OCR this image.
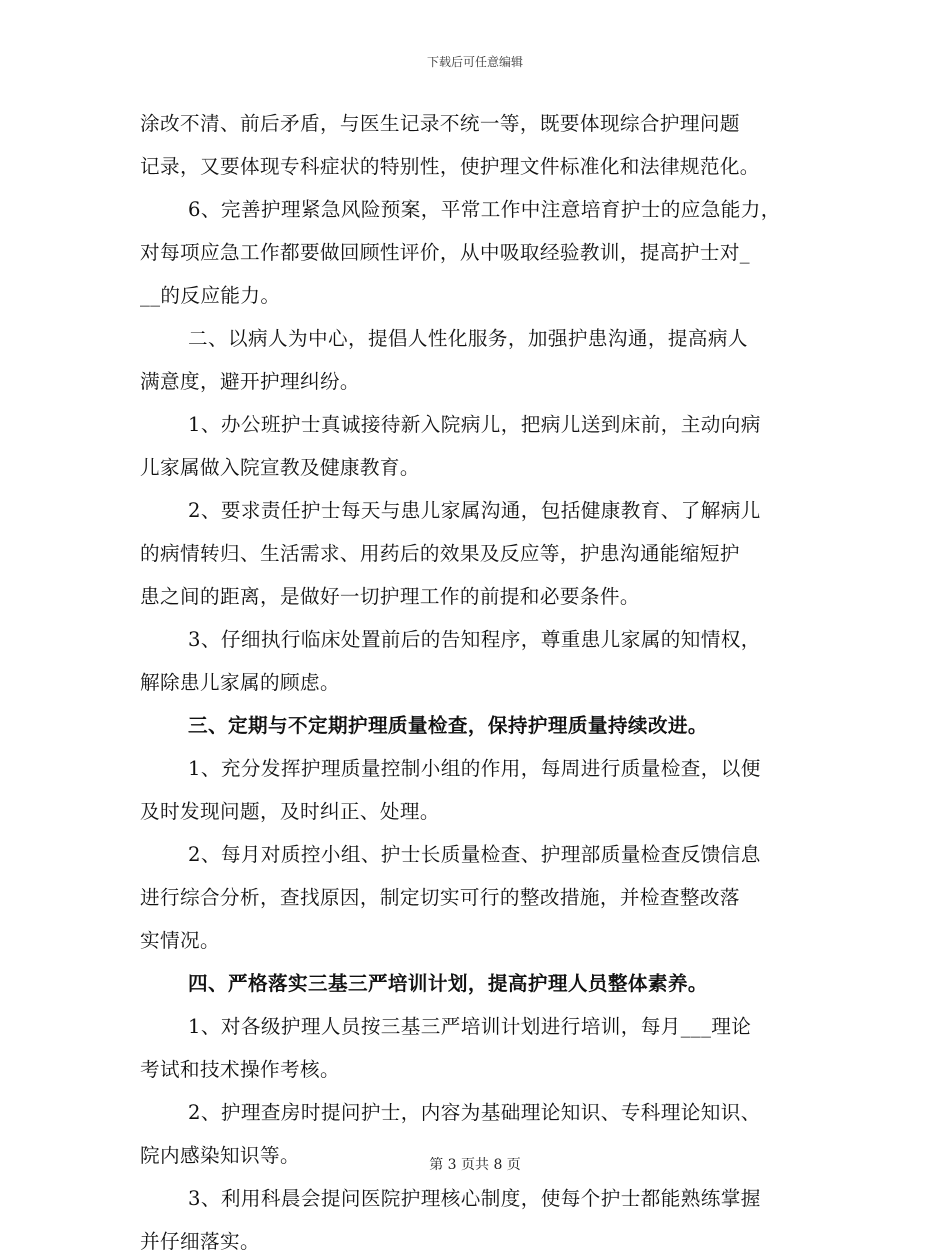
下载后可任意编辑
涂改不清、前后矛盾，与医生记录不统一等，既要体现综合护理问题
记录，又要体现专科症状的特别性，使护理文件标准化和法律规范化。
6、完善护理紧急风险预案，平常工作中注意培育护士的应急能力，
对每项应急工作都要做回顾性评价，从中吸取经验教训，提高护士对_
__的反应能力。
二、以病人为中心，提倡人性化服务，加强护患沟通，提高病人
满意度，避开护理纠纷。
1、办公班护士真诚接待新入院病儿，把病儿送到床前，主动向病
儿家属做入院宣教及健康教育。
2、要求责任护士每天与患儿家属沟通，包括健康教育、了解病儿
的病情转归、生活需求、用药后的效果及反应等，护患沟通能缩短护
患之间的距离，是做好一切护理工作的前提和必要条件。
3、仔细执行临床处置前后的告知程序，尊重患儿家属的知情权，
解除患儿家属的顾虑。
三、定期与不定期护理质量检查，保持护理质量持续改进。
1、充分发挥护理质量控制小组的作用，每周进行质量检查，以便
及时发现问题，及时纠正、处理。
2、每月对质控小组、护士长质量检查、护理部质量检查反馈信息
进行综合分析，查找原因，制定切实可行的整改措施，并检查整改落
实情况。
四、严格落实三基三严培训计划，提高护理人员整体素养。
1、对各级护理人员按三基三严培训计划进行培训，每月___理论
考试和技术操作考核。
2、护理查房时提问护士，内容为基础理论知识、专科理论知识、
院内感染知识等。
3、利用科晨会提问医院护理核心制度，使每个护士都能熟练掌握
并仔细落实。
第 3 页共 8 页
